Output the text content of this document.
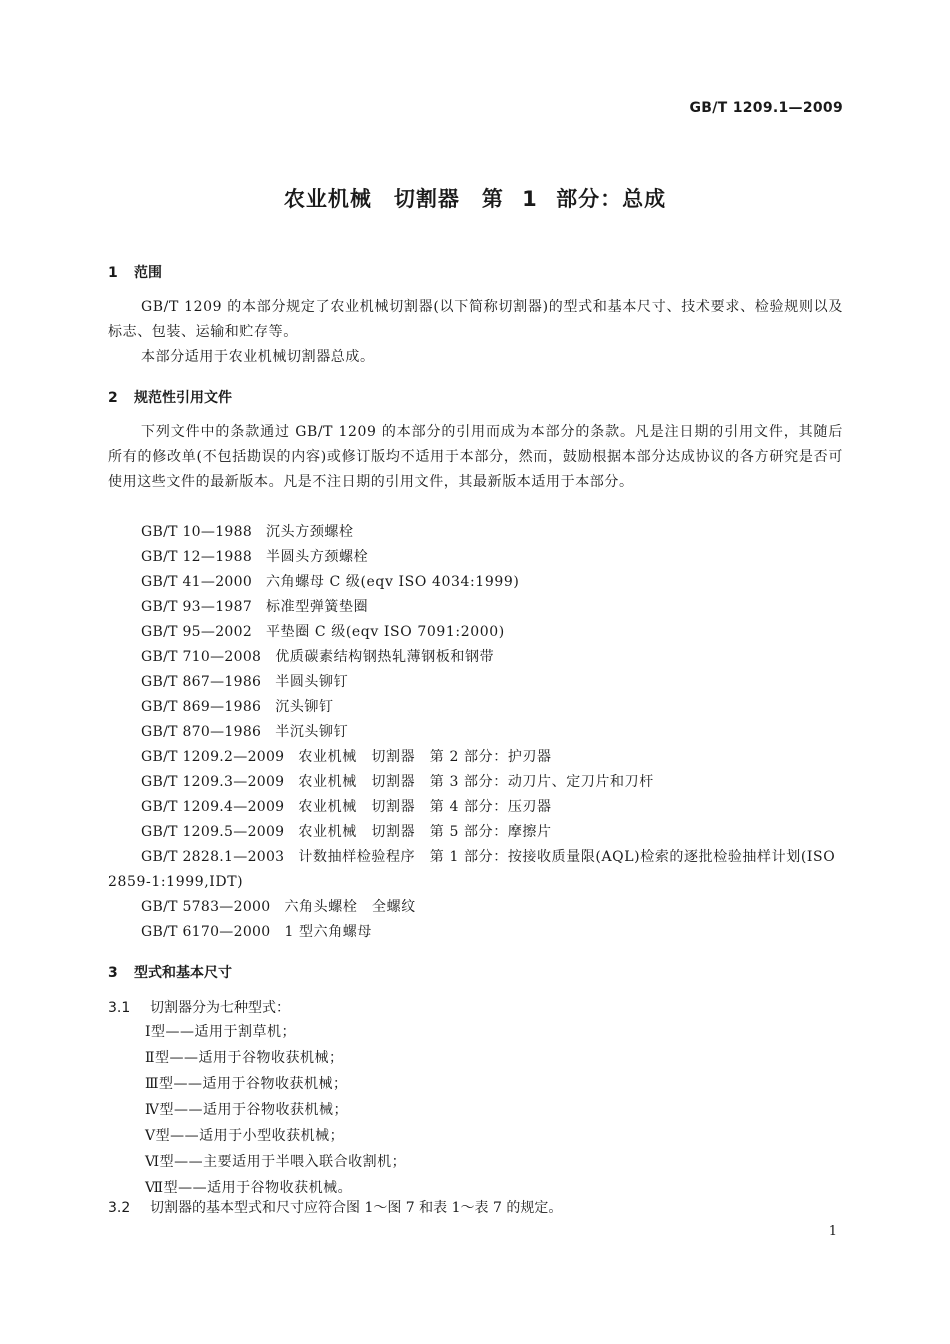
GB/T 1209.1—2009
农业机械　切割器　第 1 部分：总成
1 范围
GB/T 1209 的本部分规定了农业机械切割器(以下简称切割器)的型式和基本尺寸、技术要求、检验规则以及标志、包装、运输和贮存等。
本部分适用于农业机械切割器总成。
2 规范性引用文件
下列文件中的条款通过 GB/T 1209 的本部分的引用而成为本部分的条款。凡是注日期的引用文件，其随后所有的修改单(不包括勘误的内容)或修订版均不适用于本部分，然而，鼓励根据本部分达成协议的各方研究是否可使用这些文件的最新版本。凡是不注日期的引用文件，其最新版本适用于本部分。
GB/T 10—1988 沉头方颈螺栓
GB/T 12—1988 半圆头方颈螺栓
GB/T 41—2000 六角螺母 C 级(eqv ISO 4034:1999)
GB/T 93—1987 标准型弹簧垫圈
GB/T 95—2002 平垫圈 C 级(eqv ISO 7091:2000)
GB/T 710—2008 优质碳素结构钢热轧薄钢板和钢带
GB/T 867—1986 半圆头铆钉
GB/T 869—1986 沉头铆钉
GB/T 870—1986 半沉头铆钉
GB/T 1209.2—2009 农业机械　切割器　第 2 部分：护刃器
GB/T 1209.3—2009 农业机械　切割器　第 3 部分：动刀片、定刀片和刀杆
GB/T 1209.4—2009 农业机械　切割器　第 4 部分：压刃器
GB/T 1209.5—2009 农业机械　切割器　第 5 部分：摩擦片
GB/T 2828.1—2003 计数抽样检验程序　第 1 部分：按接收质量限(AQL)检索的逐批检验抽样计划(ISO 2859-1:1999,IDT)
GB/T 5783—2000 六角头螺栓　全螺纹
GB/T 6170—2000 1 型六角螺母
3 型式和基本尺寸
3.1 切割器分为七种型式：
Ⅰ型——适用于割草机；
Ⅱ型——适用于谷物收获机械；
Ⅲ型——适用于谷物收获机械；
Ⅳ型——适用于谷物收获机械；
Ⅴ型——适用于小型收获机械；
Ⅵ型——主要适用于半喂入联合收割机；
Ⅶ型——适用于谷物收获机械。
3.2 切割器的基本型式和尺寸应符合图 1～图 7 和表 1～表 7 的规定。
1
